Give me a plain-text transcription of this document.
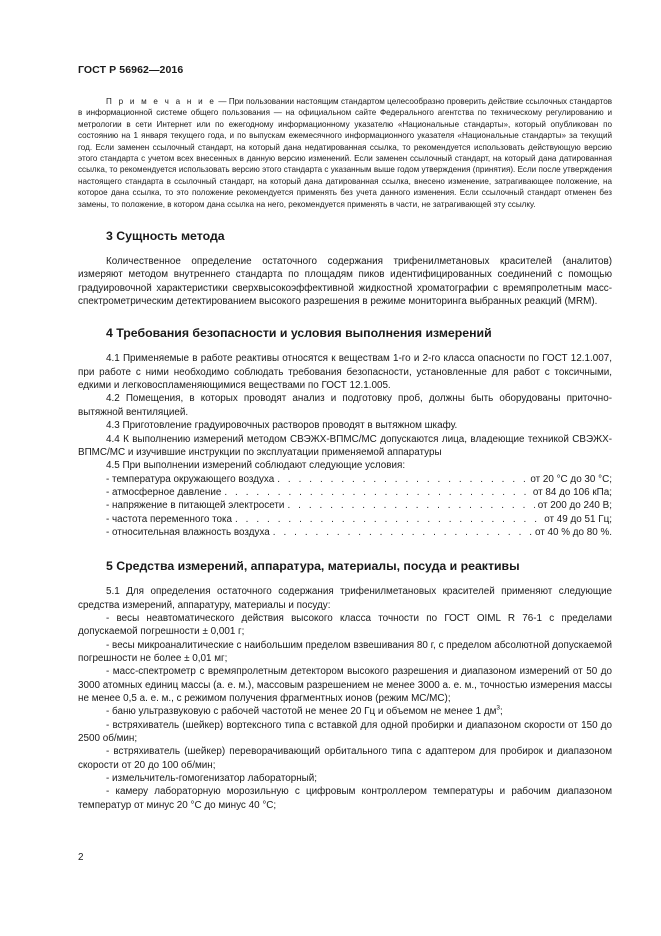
ГОСТ Р 56962—2016

П р и м е ч а н и е — При пользовании настоящим стандартом целесообразно проверить действие ссылочных стандартов в информационной системе общего пользования — на официальном сайте Федерального агентства по техническому регулированию и метрологии в сети Интернет или по ежегодному информационному указателю «Национальные стандарты», который опубликован по состоянию на 1 января текущего года, и по выпускам ежемесячного информационного указателя «Национальные стандарты» за текущий год. Если заменен ссылочный стандарт, на который дана недатированная ссылка, то рекомендуется использовать действующую версию этого стандарта с учетом всех внесенных в данную версию изменений. Если заменен ссылочный стандарт, на который дана датированная ссылка, то рекомендуется использовать версию этого стандарта с указанным выше годом утверждения (принятия). Если после утверждения настоящего стандарта в ссылочный стандарт, на который дана датированная ссылка, внесено изменение, затрагивающее положение, на которое дана ссылка, то это положение рекомендуется применять без учета данного изменения. Если ссылочный стандарт отменен без замены, то положение, в котором дана ссылка на него, рекомендуется применять в части, не затрагивающей эту ссылку.

3 Сущность метода

Количественное определение остаточного содержания трифенилметановых красителей (аналитов) измеряют методом внутреннего стандарта по площадям пиков идентифицированных соединений с помощью градуировочной характеристики сверхвысокоэффективной жидкостной хроматографии с времяпролетным масс-спектрометрическим детектированием высокого разрешения в режиме мониторинга выбранных реакций (MRM).

4 Требования безопасности и условия выполнения измерений

4.1 Применяемые в работе реактивы относятся к веществам 1-го и 2-го класса опасности по ГОСТ 12.1.007, при работе с ними необходимо соблюдать требования безопасности, установленные для работ с токсичными, едкими и легковоспламеняющимися веществами по ГОСТ 12.1.005.

4.2 Помещения, в которых проводят анализ и подготовку проб, должны быть оборудованы приточно-вытяжной вентиляцией.

4.3 Приготовление градуировочных растворов проводят в вытяжном шкафу.

4.4 К выполнению измерений методом СВЭЖХ-ВПМС/МС допускаются лица, владеющие техникой СВЭЖХ-ВПМС/МС и изучившие инструкции по эксплуатации применяемой аппаратуры

4.5 При выполнении измерений соблюдают следующие условия:

- температура окружающего воздуха . . .	от 20 °С до 30 °С;
- атмосферное давление . . .	от 84 до 106 кПа;
- напряжение в питающей электросети . . .	от 200 до 240 В;
- частота переменного тока . . .	от 49 до 51 Гц;
- относительная влажность воздуха . . .	от 40 % до 80 %.
5 Средства измерений, аппаратура, материалы, посуда и реактивы

5.1 Для определения остаточного содержания трифенилметановых красителей применяют следующие средства измерений, аппаратуру, материалы и посуду:

- весы неавтоматического действия высокого класса точности по ГОСТ OIML R 76-1 с пределами допускаемой погрешности ± 0,001 г;

- весы микроаналитические с наибольшим пределом взвешивания 80 г, с пределом абсолютной допускаемой погрешности не более ± 0,01 мг;

- масс-спектрометр с времяпролетным детектором высокого разрешения и диапазоном измерений от 50 до 3000 атомных единиц массы (а. е. м.), массовым разрешением не менее 3000 а. е. м., точностью измерения массы не менее 0,5 а. е. м., с режимом получения фрагментных ионов (режим МС/МС);

- баню ультразвуковую с рабочей частотой не менее 20 Гц и объемом не менее 1 $дм^3$;

- встряхиватель (шейкер) вортексного типа с вставкой для одной пробирки и диапазоном скорости от 150 до 2500 об/мин;

- встряхиватель (шейкер) переворачивающий орбитального типа с адаптером для пробирок и диапазоном скорости от 20 до 100 об/мин;

- измельчитель-гомогенизатор лабораторный;

- камеру лабораторную морозильную с цифровым контроллером температуры и рабочим диапазоном температур от минус 20 °С до минус 40 °С;

2
